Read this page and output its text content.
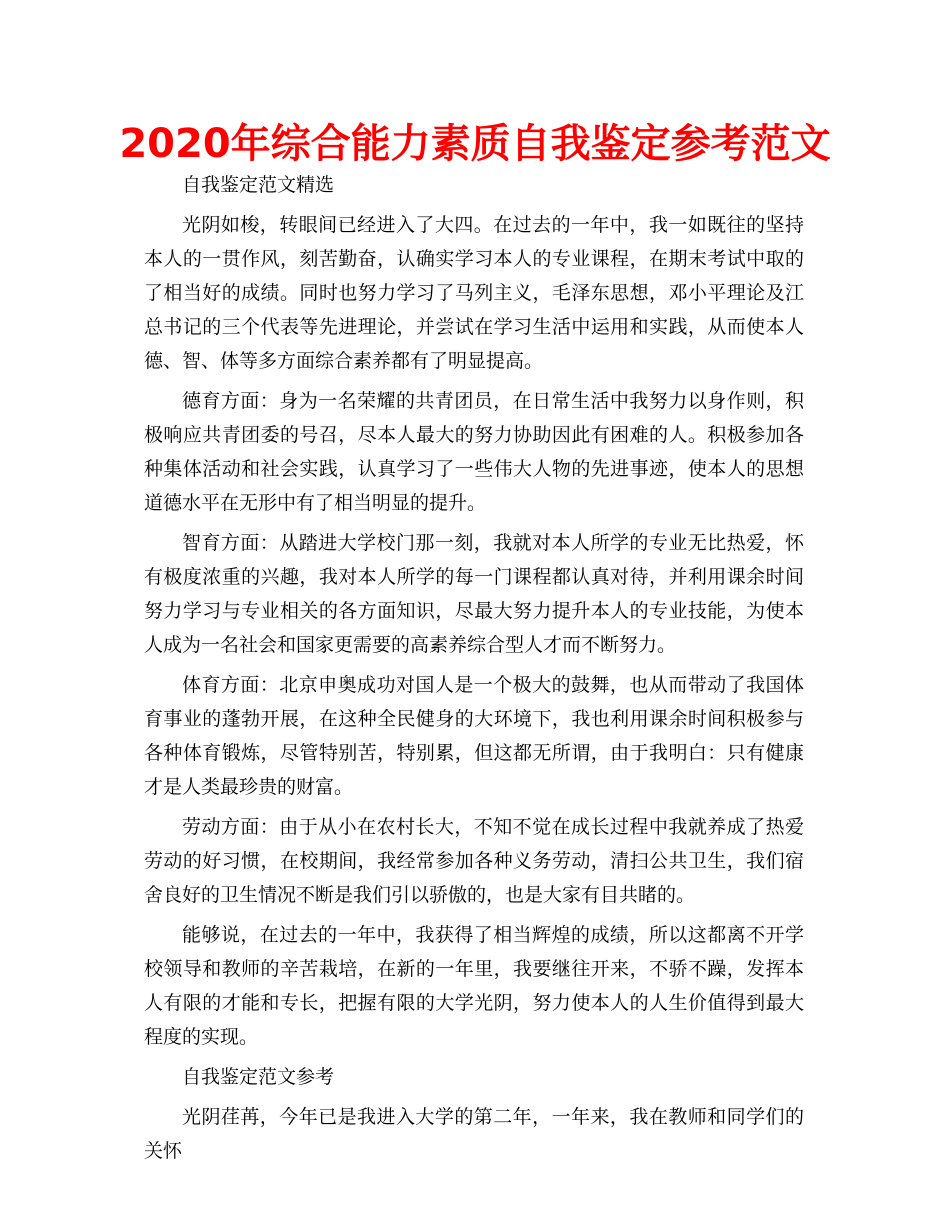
2020年综合能力素质自我鉴定参考范文

自我鉴定范文精选

光阴如梭，转眼间已经进入了大四。在过去的一年中，我一如既往的坚持本人的一贯作风，刻苦勤奋，认确实学习本人的专业课程，在期末考试中取的了相当好的成绩。同时也努力学习了马列主义，毛泽东思想，邓小平理论及江总书记的三个代表等先进理论，并尝试在学习生活中运用和实践，从而使本人德、智、体等多方面综合素养都有了明显提高。

德育方面：身为一名荣耀的共青团员，在日常生活中我努力以身作则，积极响应共青团委的号召，尽本人最大的努力协助因此有困难的人。积极参加各种集体活动和社会实践，认真学习了一些伟大人物的先进事迹，使本人的思想道德水平在无形中有了相当明显的提升。

智育方面：从踏进大学校门那一刻，我就对本人所学的专业无比热爱，怀有极度浓重的兴趣，我对本人所学的每一门课程都认真对待，并利用课余时间努力学习与专业相关的各方面知识，尽最大努力提升本人的专业技能，为使本人成为一名社会和国家更需要的高素养综合型人才而不断努力。

体育方面：北京申奥成功对国人是一个极大的鼓舞，也从而带动了我国体育事业的蓬勃开展，在这种全民健身的大环境下，我也利用课余时间积极参与各种体育锻炼，尽管特别苦，特别累，但这都无所谓，由于我明白：只有健康才是人类最珍贵的财富。

劳动方面：由于从小在农村长大，不知不觉在成长过程中我就养成了热爱劳动的好习惯，在校期间，我经常参加各种义务劳动，清扫公共卫生，我们宿舍良好的卫生情况不断是我们引以骄傲的，也是大家有目共睹的。

能够说，在过去的一年中，我获得了相当辉煌的成绩，所以这都离不开学校领导和教师的辛苦栽培，在新的一年里，我要继往开来，不骄不躁，发挥本人有限的才能和专长，把握有限的大学光阴，努力使本人的人生价值得到最大程度的实现。

自我鉴定范文参考

光阴荏苒，今年已是我进入大学的第二年，一年来，我在教师和同学们的关怀
